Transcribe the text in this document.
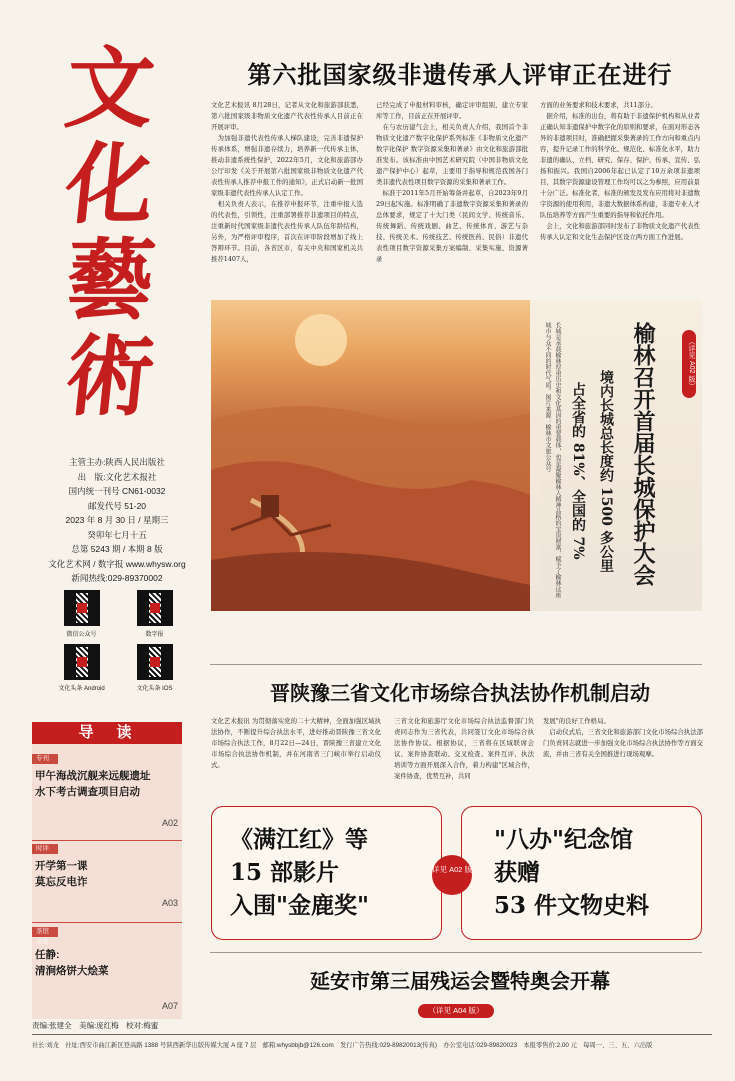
文
化
藝
術
主管主办:陕西人民出版社
出　版:文化艺术报社
国内统一刊号 CN61-0032
邮发代号 51-20
2023 年 8 月 30 日 / 星期三
癸卯年七月十五
总第 5243 期 / 本期 8 版
文化艺术网 / 数字报 www.whysw.org
新闻热线:029-89370002
微信公众号	数字报
文化头条 Android	文化头条 IOS
导　读
专刊
甲午海战沉舰来远舰遗址
水下考古调查项目启动
A02
时评
开学第一课
莫忘反电诈
A03
茶馆文化
任静:
清涧烙饼大烩菜
A07
责编:张建全　美编:庞红梅　校对:梅蜜
第六批国家级非遗传承人评审正在进行
文化艺术报讯 8月28日，记者从文化和旅游部获悉，第六批国家级非物质文化遗产代表性传承人目前正在开展评审。
　为加强非遗代表性传承人梯队建设，完善非遗保护传承体系，增强非遗存续力，培养新一代传承主体，推动非遗系统性保护，2022年5月，文化和旅游部办公厅印发《关于开展第六批国家级非物质文化遗产代表性传承人推荐申报工作的通知》，正式启动新一批国家级非遗代表性传承人认定工作。
　相关负责人表示，在推荐申报环节，注重申报人选的代表性，引领性，注重部署推荐非遗项目的特点，注重新时代国家级非遗代表性传承人队伍年龄结构，另外，为严格评审程序，首次在评审阶段增加了线上答辩环节。目前，各省区市，有关中央和国家机关共推荐1407人，
已经完成了申报材料审核，确定评审组别，建立专家库等工作，目前正在开展评审。
　在与农历建气会上，相关负责人介绍，我国首个非物质文化遗产数字化保护系列标准《非物质文化遗产数字化保护 数字资源采集和著录》由文化和旅游部批准发布。该标准由中国艺术研究院（中国非物质文化遗产保护中心）起草，主要用于指导和规范我国各门类非遗代表性项目数字资源的采集和著录工作。
　标准于2011年5月开始筹备并起草，自2023年9月29日起实施。标准明确了非遗数字资源采集和著录的总体要求，规定了十大门类（民间文学、传统音乐、传统舞蹈、传统戏剧、曲艺、传统体育、游艺与杂技、传统美术、传统技艺、传统医药、民俗）非遗代表性项目数字资源采集方案编制、采集实施、资源著录
方面的业务要求和技术要求，共11部分。
　据介绍，标准的出台，将有助于非遗保护机构和从业者正确认知非遗保护中数字化的原则和要求，在面对形态各异的非遗项目时，准确把握采集著录的工作方向和重点内容，提升记录工作的科学化、规范化、标准化水平，助力非遗的确认、立档、研究、保存、保护、传承、宣传、弘扬和振兴。我国自2006年起已认定了10万余项非遗项目，其数字资源建设管理工作均可以之为参照，应用前景十分广泛。标准化者，标准的颁发及发布应用将对非遗数字资源的使用利用，非遗大数据体系构建，非遗专业人才队伍培养等方面产生重要的指导和依托作用。
　会上，文化和旅游部同时发布了非物质文化遗产代表性传承人认定和文化生态保护区设立两方面工作进展。
榆林召开首届长城保护大会
境内长城总长度约 1500 多公里
占全省的 81%、全国的 7%
（详见 A02 版）
长城是承载榆林厚重历史和文化基因的重要载体，也是凝聚榆林人精神品格的宝贵财富，赋予了榆林这座城市与众不同的时代气质。图片来源：榆林市文旅公众号
晋陕豫三省文化市场综合执法协作机制启动
文化艺术报讯 为贯彻落实党的二十大精神，全面加强区域执法协作，不断提升综合执法水平，进好推动晋陕豫三省文化市场综合执法工作，8月22日—24日，晋陕豫三省建立文化市场综合执法协作机制，并在河南省三门峡市举行启动仪式。
三省文化和旅游厅文化市场综合执法监督部门负责同志作为三省代表，共同签订文化市场综合执法协作协议。根据协议，三省将在区域联席会议、案件协查联动、交叉检查、案件互评、执法培训等方面开展深入合作，着力构建"区域合作，案件协查，优势互补，共同
发展"的良好工作格局。
　启动仪式后，三省文化和旅游部门文化市场综合执法部门负责同志就进一步加强文化市场综合执法协作等方面交流，并由三省有关全国推进行现场观摩。
《满江红》等
15 部影片
入围"金鹿奖"
"八办"纪念馆
获赠
53 件文物史料
详见 A02 版
延安市第三届残运会暨特奥会开幕
（详见 A04 版）
社长:刘龙　社址:西安市曲江新区登高路 1388 号陕西新华出版传媒大厦 A 座 7 层　邮箱:whysbbjb@126.com　发行广告热线:029-89820013(传真)　办公室电话:029-89820023　本报零售价:2.00 元　每周一、三、五、六出版
